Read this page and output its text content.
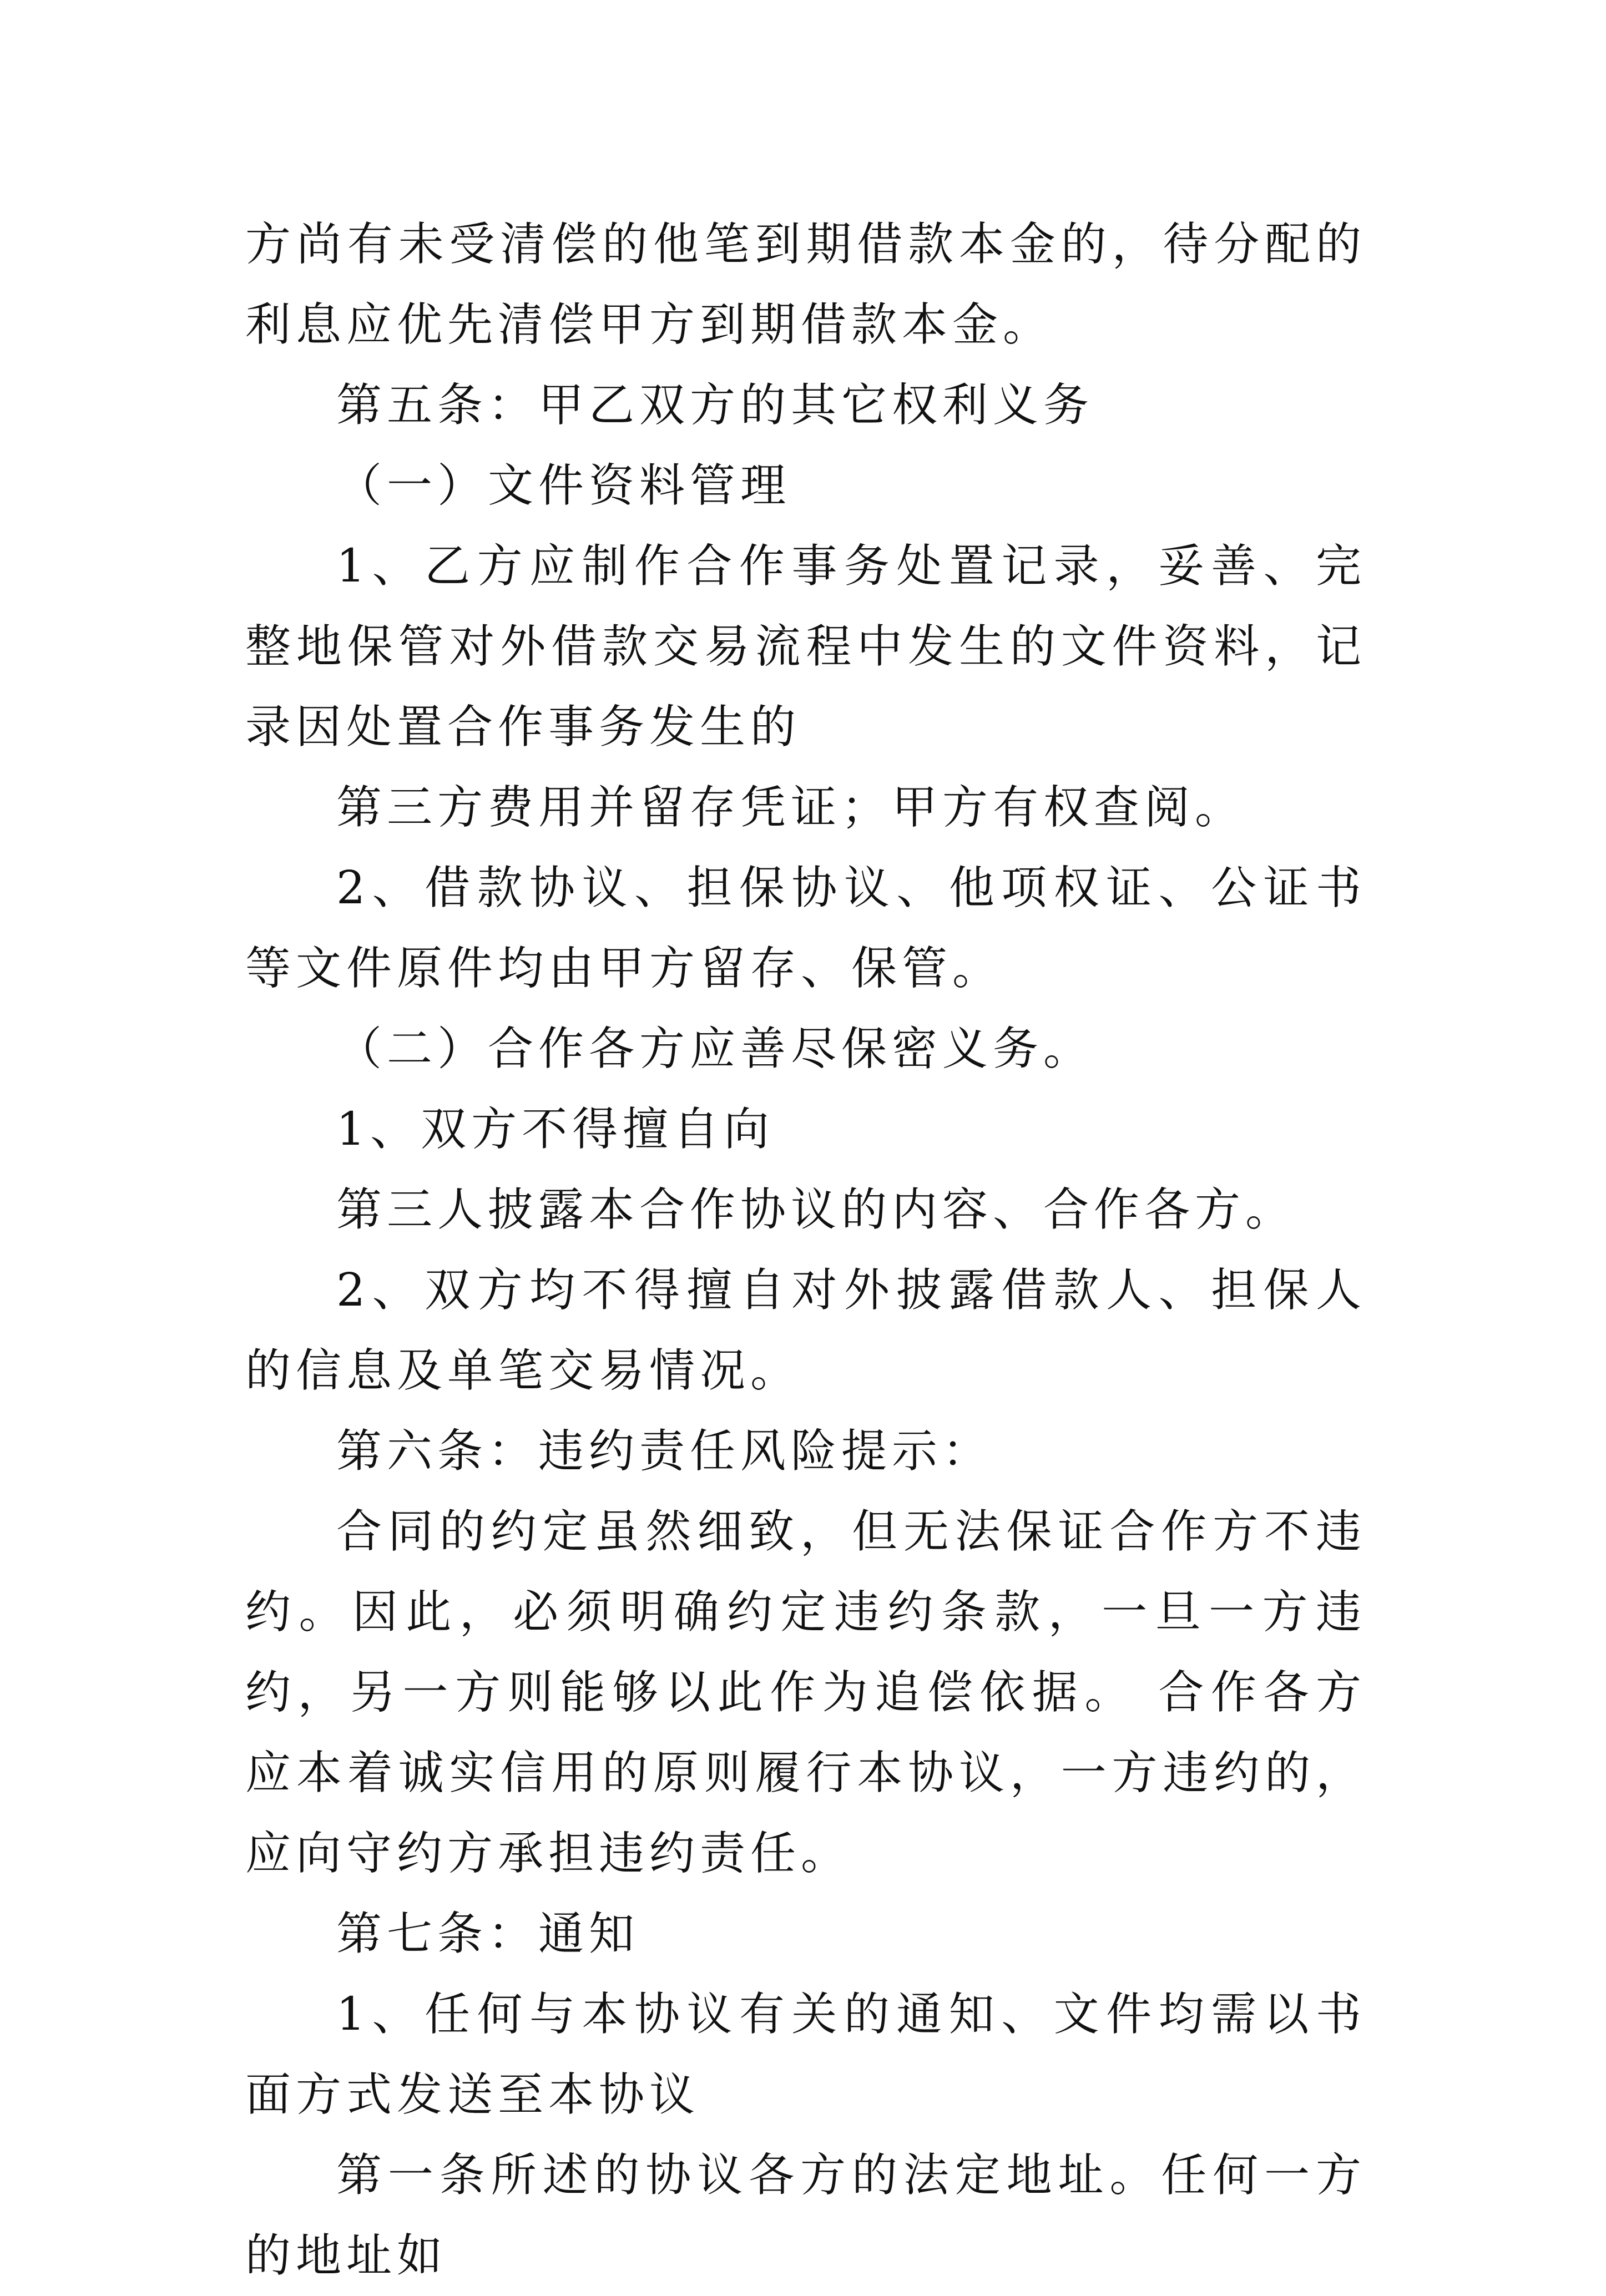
方尚有未受清偿的他笔到期借款本金的，待分配的利息应优先清偿甲方到期借款本金。

第五条：甲乙双方的其它权利义务

（一）文件资料管理

1、乙方应制作合作事务处置记录，妥善、完整地保管对外借款交易流程中发生的文件资料，记录因处置合作事务发生的

第三方费用并留存凭证；甲方有权查阅。

2、借款协议、担保协议、他项权证、公证书等文件原件均由甲方留存、保管。

（二）合作各方应善尽保密义务。

1、双方不得擅自向

第三人披露本合作协议的内容、合作各方。

2、双方均不得擅自对外披露借款人、担保人的信息及单笔交易情况。

第六条：违约责任风险提示：

合同的约定虽然细致，但无法保证合作方不违约。因此，必须明确约定违约条款，一旦一方违约，另一方则能够以此作为追偿依据。 合作各方应本着诚实信用的原则履行本协议，一方违约的，应向守约方承担违约责任。

第七条：通知

1、任何与本协议有关的通知、文件均需以书面方式发送至本协议

第一条所述的协议各方的法定地址。任何一方的地址如
